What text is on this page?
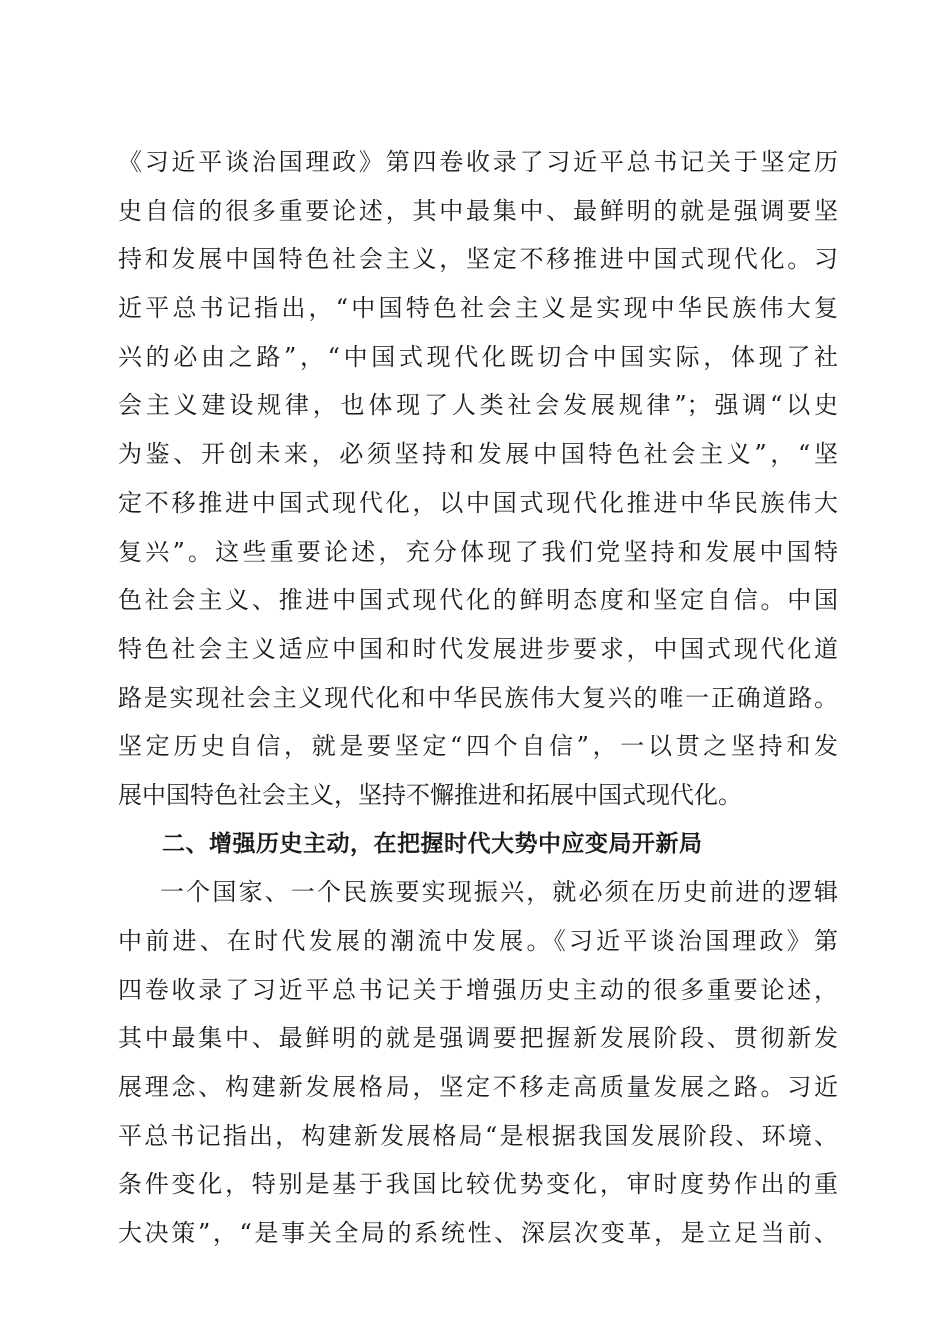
《习近平谈治国理政》第四卷收录了习近平总书记关于坚定历
史自信的很多重要论述，其中最集中、最鲜明的就是强调要坚
持和发展中国特色社会主义，坚定不移推进中国式现代化。习
近平总书记指出，“中国特色社会主义是实现中华民族伟大复
兴的必由之路”，“中国式现代化既切合中国实际，体现了社
会主义建设规律，也体现了人类社会发展规律”；强调“以史
为鉴、开创未来，必须坚持和发展中国特色社会主义”，“坚
定不移推进中国式现代化，以中国式现代化推进中华民族伟大
复兴”。这些重要论述，充分体现了我们党坚持和发展中国特
色社会主义、推进中国式现代化的鲜明态度和坚定自信。中国
特色社会主义适应中国和时代发展进步要求，中国式现代化道
路是实现社会主义现代化和中华民族伟大复兴的唯一正确道路。
坚定历史自信，就是要坚定“四个自信”，一以贯之坚持和发
展中国特色社会主义，坚持不懈推进和拓展中国式现代化。
二、增强历史主动，在把握时代大势中应变局开新局
一个国家、一个民族要实现振兴，就必须在历史前进的逻辑
中前进、在时代发展的潮流中发展。《习近平谈治国理政》第
四卷收录了习近平总书记关于增强历史主动的很多重要论述，
其中最集中、最鲜明的就是强调要把握新发展阶段、贯彻新发
展理念、构建新发展格局，坚定不移走高质量发展之路。习近
平总书记指出，构建新发展格局“是根据我国发展阶段、环境、
条件变化，特别是基于我国比较优势变化，审时度势作出的重
大决策”，“是事关全局的系统性、深层次变革，是立足当前、
